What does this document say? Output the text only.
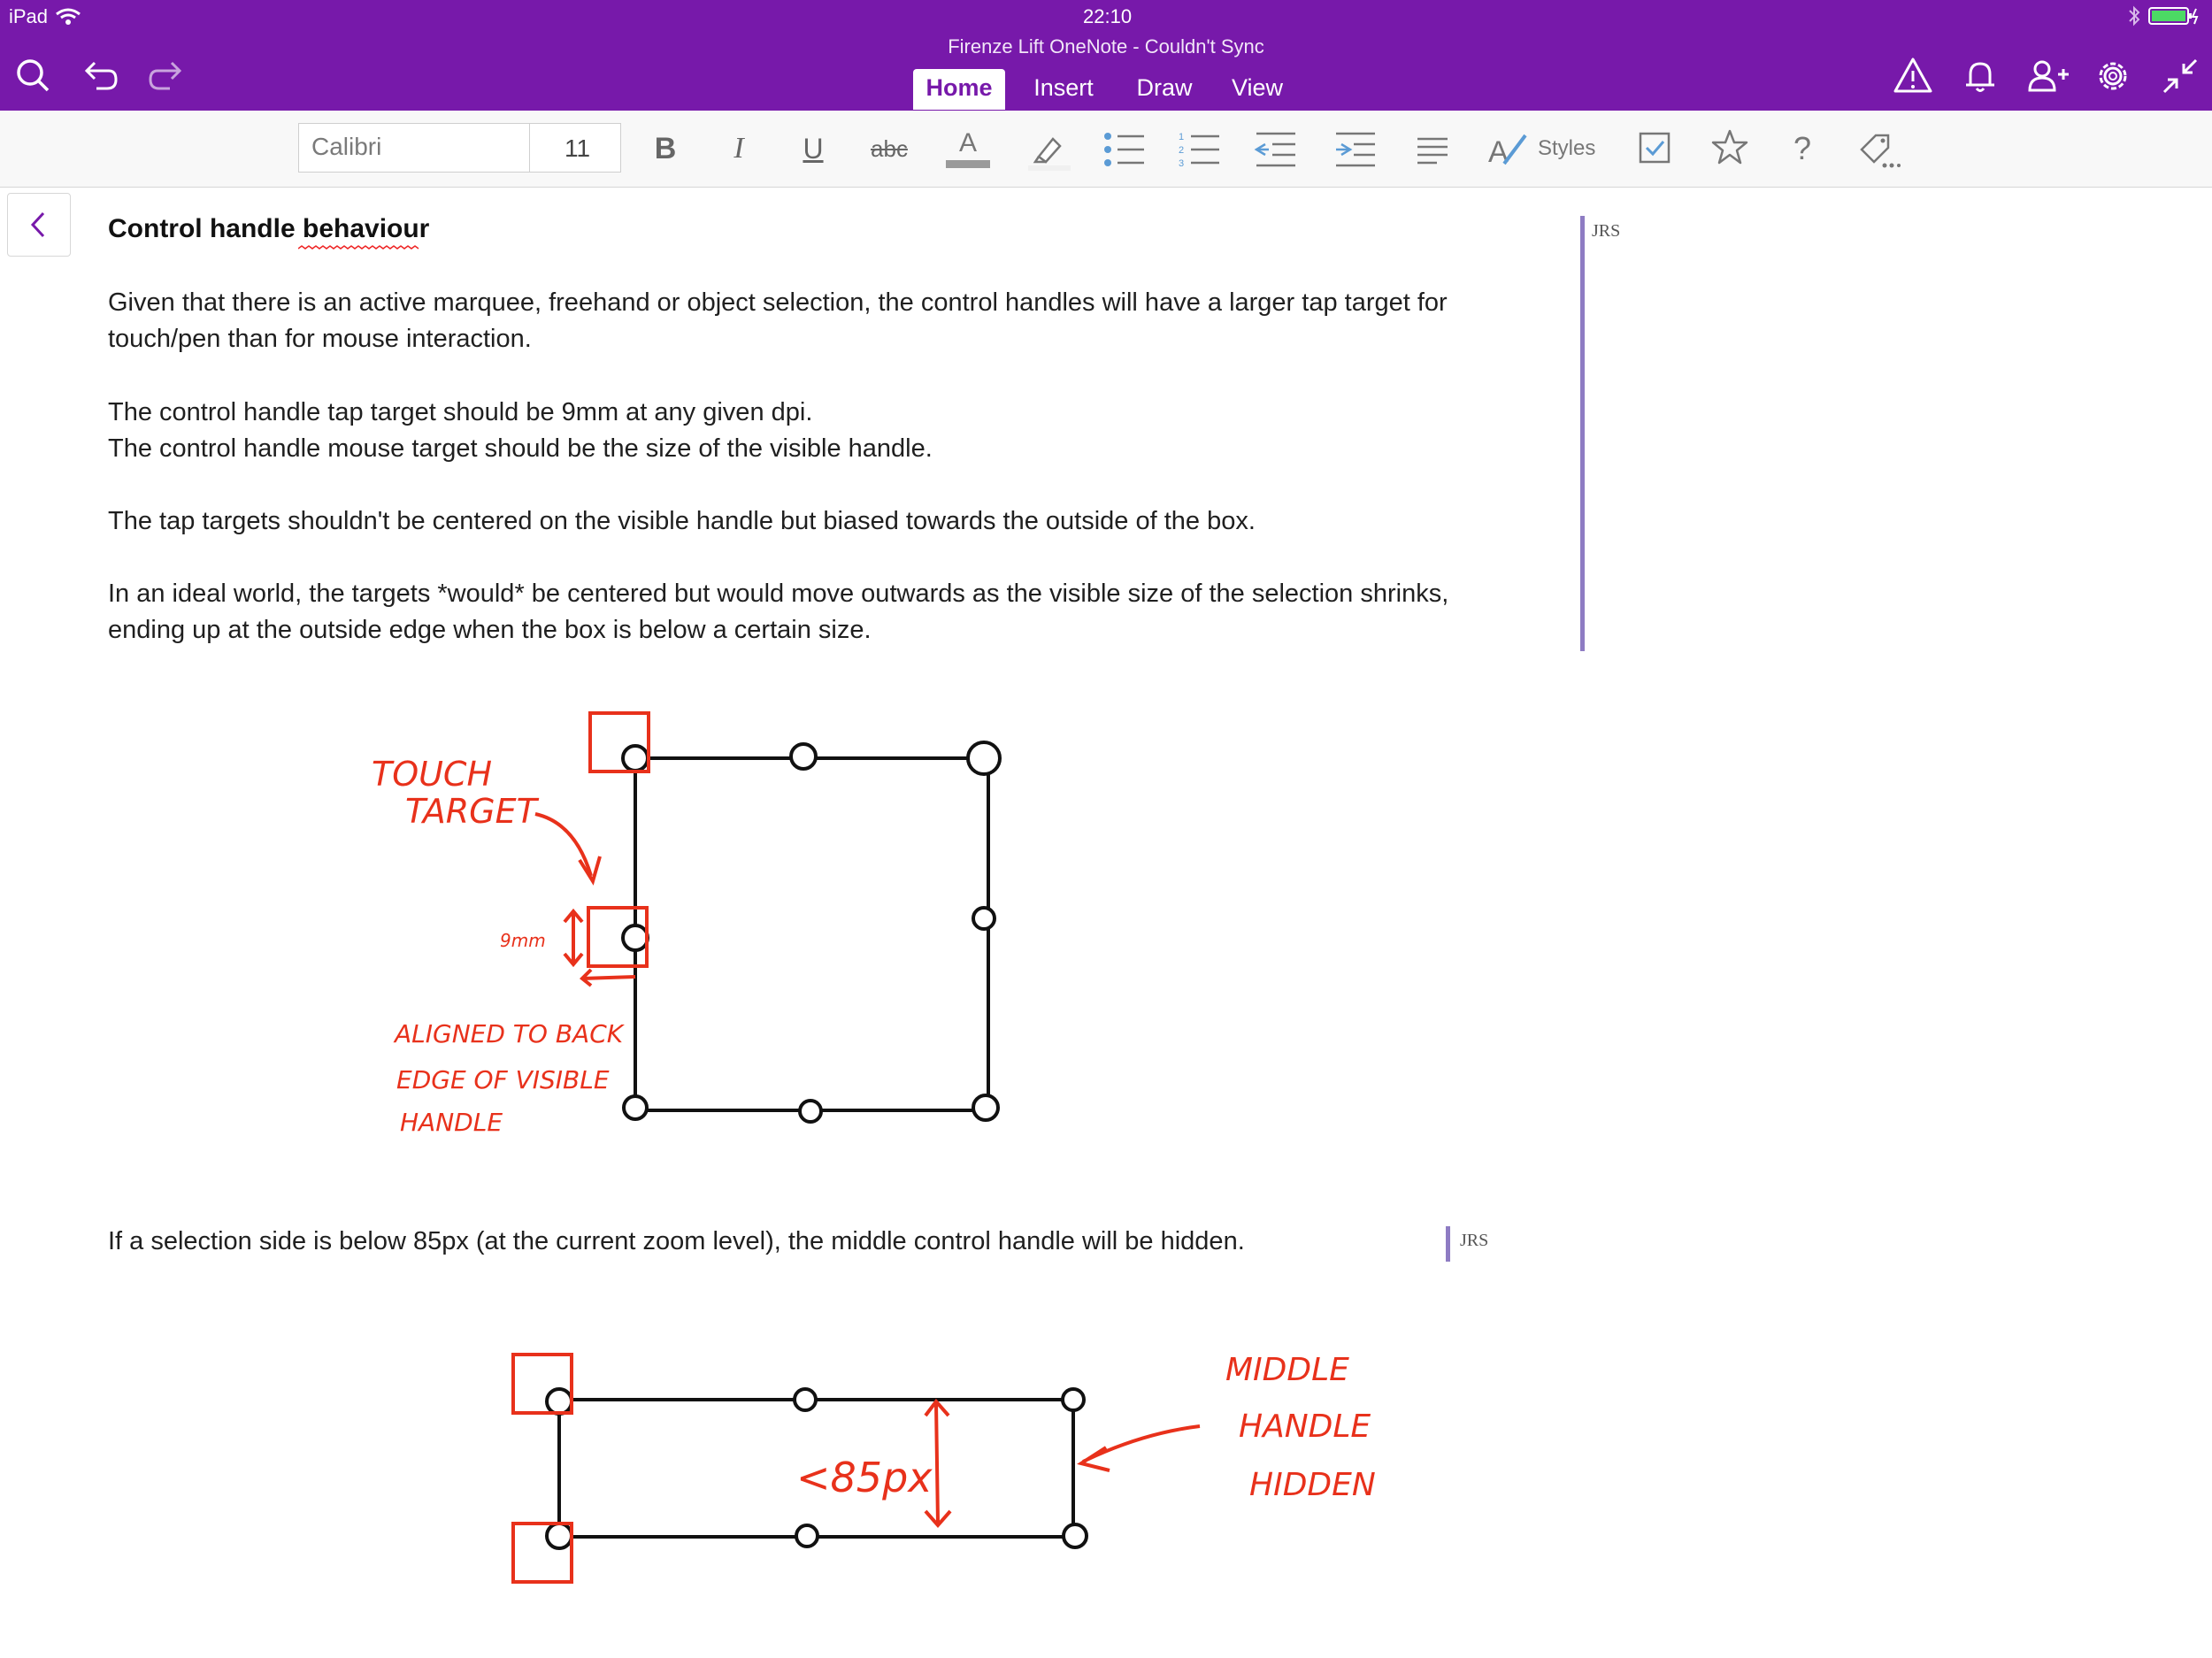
iPad	22:10
Firenze Lift OneNote - Couldn't Sync
Home	Insert	Draw	View
Calibri	11 B	I	U abc A	1
2
3	A Styles	?
Control handle behaviour
Given that there is an active marquee, freehand or object selection, the control handles will have a larger tap target for
touch/pen than for mouse interaction.
The control handle tap target should be 9mm at any given dpi.
The control handle mouse target should be the size of the visible handle.
The tap targets shouldn't be centered on the visible handle but biased towards the outside of the box.
In an ideal world, the targets *would* be centered but would move outwards as the visible size of the selection shrinks,
ending up at the outside edge when the box is below a certain size.
If a selection side is below 85px (at the current zoom level), the middle control handle will be hidden.
JRS
JRS
TOUCH
TARGET
9mm
ALIGNED TO BACK
EDGE OF VISIBLE
HANDLE
<85px
MIDDLE
HANDLE
HIDDEN
